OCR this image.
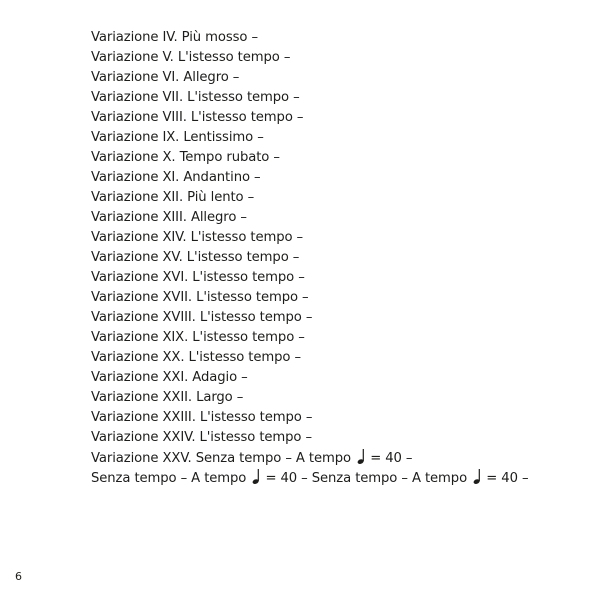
Variazione IV. Più mosso –
Variazione V. L'istesso tempo –
Variazione VI. Allegro –
Variazione VII. L'istesso tempo –
Variazione VIII. L'istesso tempo –
Variazione IX. Lentissimo –
Variazione X. Tempo rubato –
Variazione XI. Andantino –
Variazione XII. Più lento –
Variazione XIII. Allegro –
Variazione XIV. L'istesso tempo –
Variazione XV. L'istesso tempo –
Variazione XVI. L'istesso tempo –
Variazione XVII. L'istesso tempo –
Variazione XVIII. L'istesso tempo –
Variazione XIX. L'istesso tempo –
Variazione XX. L'istesso tempo –
Variazione XXI. Adagio –
Variazione XXII. Largo –
Variazione XXIII. L'istesso tempo –
Variazione XXIV. L'istesso tempo –
Variazione XXV. Senza tempo – A tempo
= 40 –
Senza tempo – A tempo
= 40 – Senza tempo – A tempo
= 40 –
6
